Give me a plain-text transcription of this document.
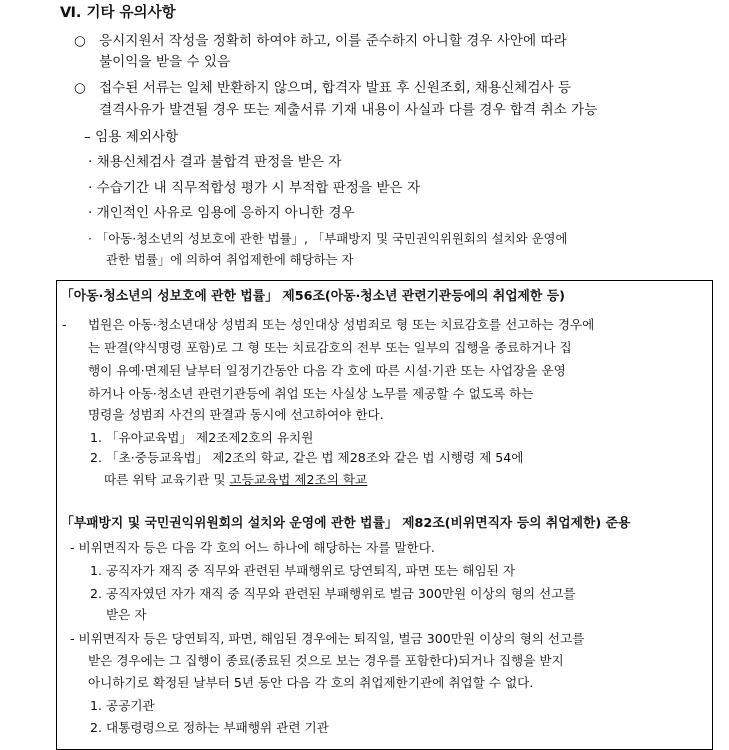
Ⅵ. 기타 유의사항
○ 응시지원서 작성을 정확히 하여야 하고, 이를 준수하지 아니할 경우 사안에 따라
불이익을 받을 수 있음
○ 접수된 서류는 일체 반환하지 않으며, 합격자 발표 후 신원조회, 채용신체검사 등
결격사유가 발견될 경우 또는 제출서류 기재 내용이 사실과 다를 경우 합격 취소 가능
– 임용 제외사항
· 채용신체검사 결과 불합격 판정을 받은 자
· 수습기간 내 직무적합성 평가 시 부적합 판정을 받은 자
· 개인적인 사유로 임용에 응하지 아니한 경우
· 「아동·청소년의 성보호에 관한 법률」, 「부패방지 및 국민권익위원회의 설치와 운영에
관한 법률」에 의하여 취업제한에 해당하는 자
「아동·청소년의 성보호에 관한 법률」 제56조(아동·청소년 관련기관등에의 취업제한 등)
- 법원은 아동·청소년대상 성범죄 또는 성인대상 성범죄로 형 또는 치료감호를 선고하는 경우에
는 판결(약식명령 포함)로 그 형 또는 치료감호의 전부 또는 일부의 집행을 종료하거나 집
행이 유예·면제된 날부터 일정기간동안 다음 각 호에 따른 시설·기관 또는 사업장을 운영
하거나 아동·청소년 관련기관등에 취업 또는 사실상 노무를 제공할 수 없도록 하는
명령을 성범죄 사건의 판결과 동시에 선고하여야 한다.
1. 「유아교육법」 제2조제2호의 유치원
2. 「초·중등교육법」 제2조의 학교, 같은 법 제28조와 같은 법 시행령 제 54에
따른 위탁 교육기관 및 고등교육법 제2조의 학교
「부패방지 및 국민권익위원회의 설치와 운영에 관한 법률」 제82조(비위면직자 등의 취업제한) 준용
- 비위면직자 등은 다음 각 호의 어느 하나에 해당하는 자를 말한다.
1. 공직자가 재직 중 직무와 관련된 부패행위로 당연퇴직, 파면 또는 해임된 자
2. 공직자였던 자가 재직 중 직무와 관련된 부패행위로 벌금 300만원 이상의 형의 선고를
받은 자
- 비위면직자 등은 당연퇴직, 파면, 해임된 경우에는 퇴직일, 벌금 300만원 이상의 형의 선고를
받은 경우에는 그 집행이 종료(종료된 것으로 보는 경우를 포함한다)되거나 집행을 받지
아니하기로 확정된 날부터 5년 동안 다음 각 호의 취업제한기관에 취업할 수 없다.
1. 공공기관
2. 대통령령으로 정하는 부패행위 관련 기관
